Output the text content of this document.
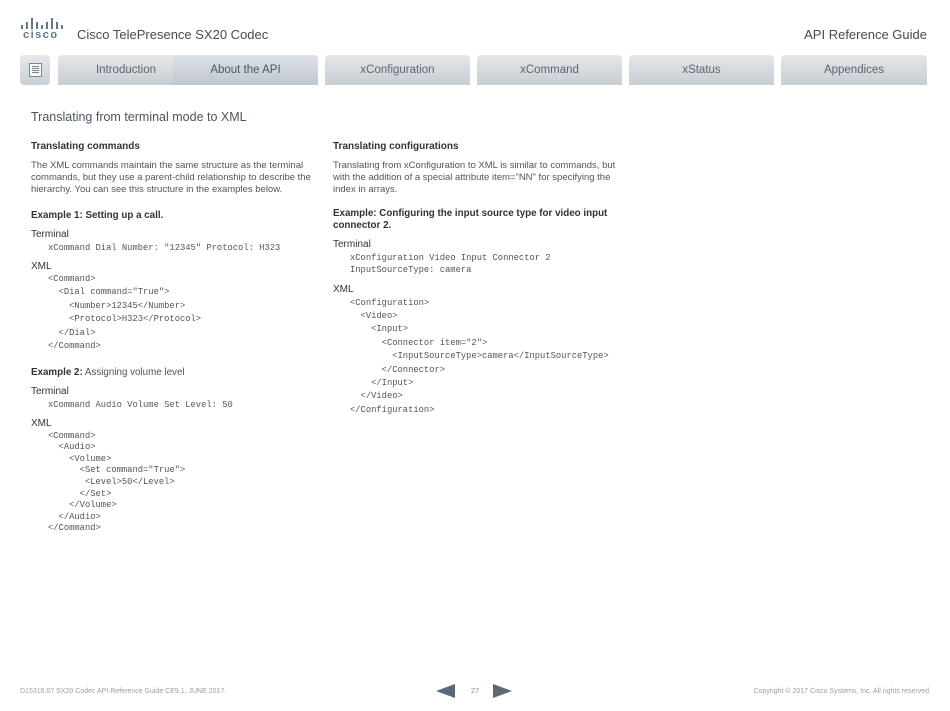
cisco Cisco TelePresence SX20 Codec	API Reference Guide
Introduction	About the API	xConfiguration	xCommand	xStatus	Appendices
Translating from terminal mode to XML

Translating commands

The XML commands maintain the same structure as the terminal commands, but they use a parent-child relationship to describe the hierarchy. You can see this structure in the examples below.

Example 1: Setting up a call.

Terminal

xCommand Dial Number: "12345" Protocol: H323

XML

<Command>
<Dial command="True">
<Number>12345</Number>
<Protocol>H323</Protocol>
</Dial>
</Command>

Example 2: Assigning volume level

Terminal

xCommand Audio Volume Set Level: 50

XML

<Command>
<Audio>
<Volume>
<Set command="True">
<Level>50</Level>
</Set>
</Volume>
</Audio>
</Command>

Translating configurations

Translating from xConfiguration to XML is similar to commands, but with the addition of a special attribute item="NN" for specifying the index in arrays.

Example: Configuring the input source type for video input connector 2.

Terminal

xConfiguration Video Input Connector 2
InputSourceType: camera

XML

<Configuration>
<Video>
<Input>
<Connector item="2">
<InputSourceType>camera</InputSourceType>
</Connector>
</Input>
</Video>
</Configuration>
D15316.07 SX20 Codec API Reference Guide CE9.1, JUNE 2017.	27	Copyright © 2017 Cisco Systems, Inc. All rights reserved.
